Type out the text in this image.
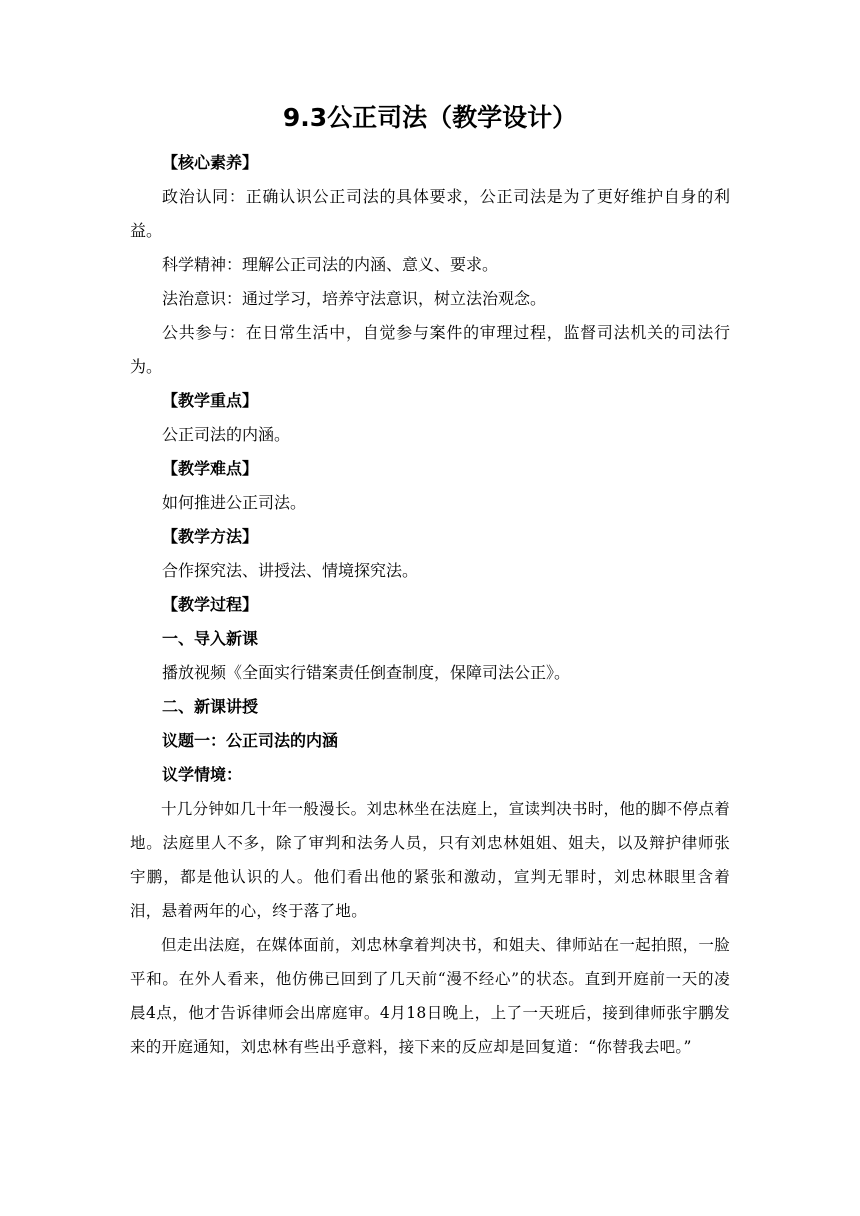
9.3公正司法（教学设计）

【核心素养】

政治认同：正确认识公正司法的具体要求，公正司法是为了更好维护自身的利益。

科学精神：理解公正司法的内涵、意义、要求。

法治意识：通过学习，培养守法意识，树立法治观念。

公共参与：在日常生活中，自觉参与案件的审理过程，监督司法机关的司法行为。

【教学重点】

公正司法的内涵。

【教学难点】

如何推进公正司法。

【教学方法】

合作探究法、讲授法、情境探究法。

【教学过程】

一、导入新课

播放视频《全面实行错案责任倒查制度，保障司法公正》。

二、新课讲授

议题一：公正司法的内涵

议学情境：

十几分钟如几十年一般漫长。刘忠林坐在法庭上，宣读判决书时，他的脚不停点着地。法庭里人不多，除了审判和法务人员，只有刘忠林姐姐、姐夫，以及辩护律师张宇鹏，都是他认识的人。他们看出他的紧张和激动，宣判无罪时，刘忠林眼里含着泪，悬着两年的心，终于落了地。

但走出法庭，在媒体面前，刘忠林拿着判决书，和姐夫、律师站在一起拍照，一脸平和。在外人看来，他仿佛已回到了几天前“漫不经心”的状态。直到开庭前一天的凌晨4点，他才告诉律师会出席庭审。4月18日晚上，上了一天班后，接到律师张宇鹏发来的开庭通知，刘忠林有些出乎意料，接下来的反应却是回复道：“你替我去吧。”
